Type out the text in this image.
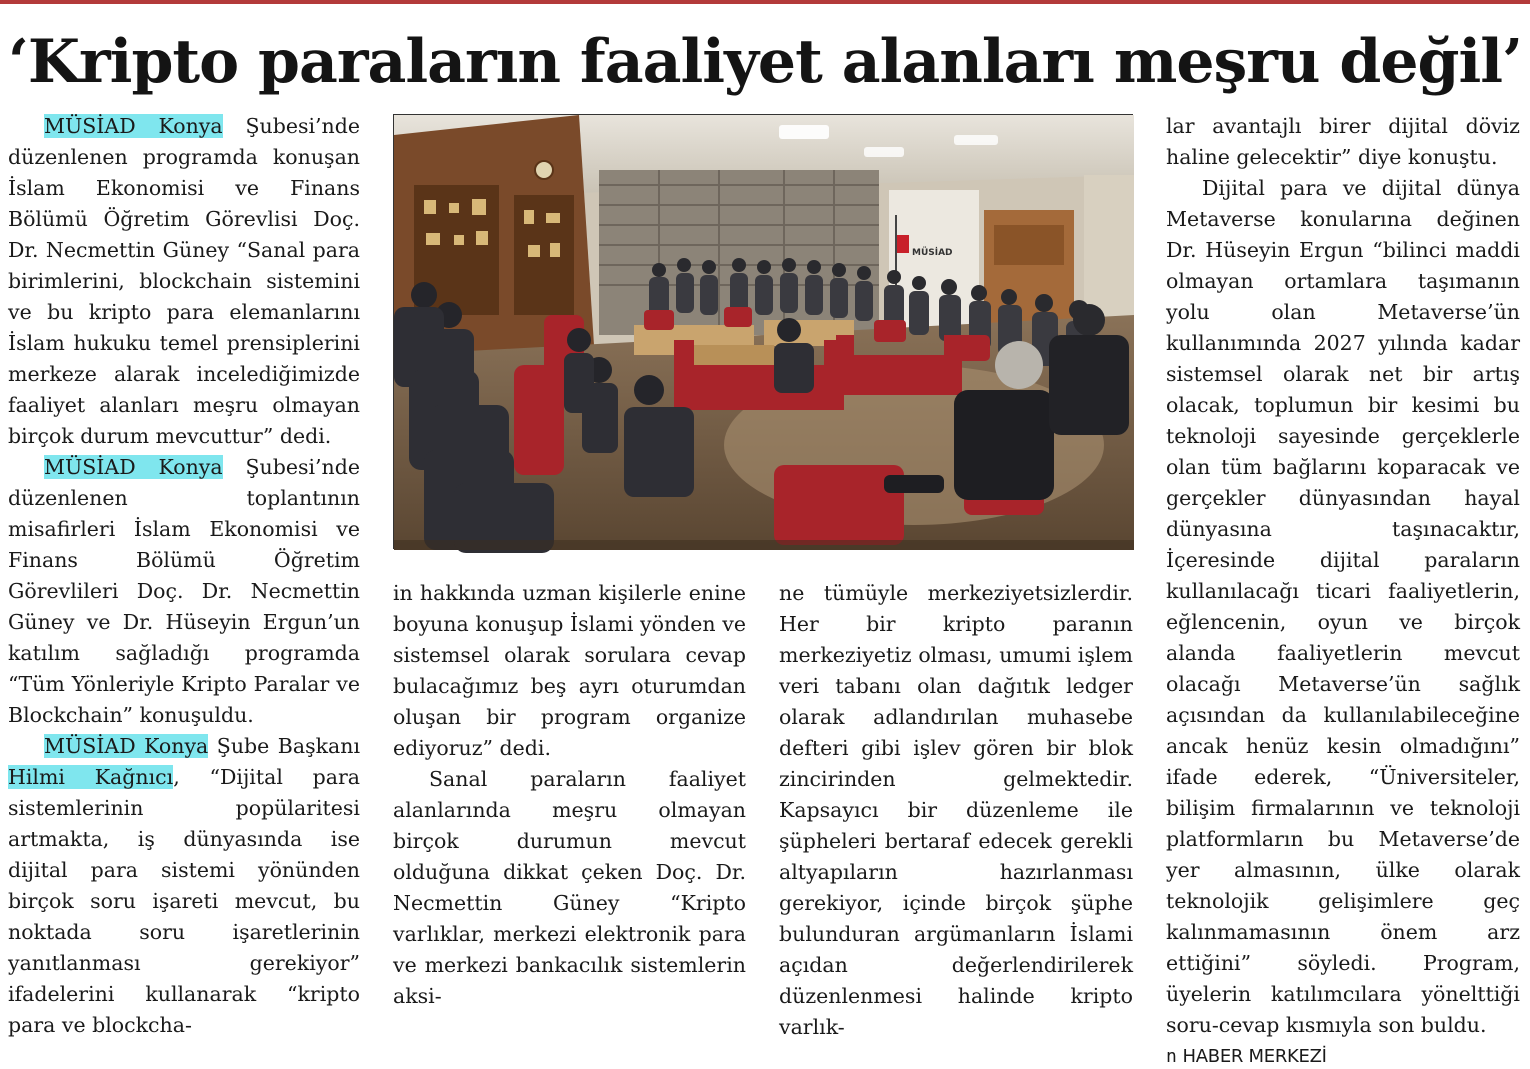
‘Kripto paraların faaliyet alanları meşru değil’

MÜSİAD Konya Şubesi’nde düzenlenen programda konuşan İslam Ekonomisi ve Finans Bölümü Öğretim Görevlisi Doç. Dr. Necmettin Güney “Sanal para birimlerini, blockchain sistemini ve bu kripto para elemanlarını İslam hukuku temel prensiplerini merkeze alarak incelediğimizde faaliyet alanları meşru olmayan birçok durum mevcuttur” dedi.

MÜSİAD Konya Şubesi’nde düzenlenen toplantının misafirleri İslam Ekonomisi ve Finans Bölümü Öğretim Görevlileri Doç. Dr. Necmettin Güney ve Dr. Hüseyin Ergun’un katılım sağladığı programda “Tüm Yönleriyle Kripto Paralar ve Blockchain” konuşuldu.

MÜSİAD Konya Şube Başkanı Hilmi Kağnıcı, “Dijital para sistemlerinin popülaritesi artmakta, iş dünyasında ise dijital para sistemi yönünden birçok soru işareti mevcut, bu noktada soru işaretlerinin yanıtlanması gerekiyor” ifadelerini kullanarak “kripto para ve blockcha-

MÜSİAD

in hakkında uzman kişilerle enine boyuna konuşup İslami yönden ve sistemsel olarak sorulara cevap bulacağımız beş ayrı oturumdan oluşan bir program organize ediyoruz” dedi.

Sanal paraların faaliyet alanlarında meşru olmayan birçok durumun mevcut olduğuna dikkat çeken Doç. Dr. Necmettin Güney “Kripto varlıklar, merkezi elektronik para ve merkezi bankacılık sistemlerin aksi-

ne tümüyle merkeziyetsizlerdir. Her bir kripto paranın merkeziyetiz olması, umumi işlem veri tabanı olan dağıtık ledger olarak adlandırılan muhasebe defteri gibi işlev gören bir blok zincirinden gelmektedir. Kapsayıcı bir düzenleme ile şüpheleri bertaraf edecek gerekli altyapıların hazırlanması gerekiyor, içinde birçok şüphe bulunduran argümanların İslami açıdan değerlendirilerek düzenlenmesi halinde kripto varlık-

lar avantajlı birer dijital döviz haline gelecektir” diye konuştu.

Dijital para ve dijital dünya Metaverse konularına değinen Dr. Hüseyin Ergun “bilinci maddi olmayan ortamlara taşımanın yolu olan Metaverse’ün kullanımında 2027 yılında kadar sistemsel olarak net bir artış olacak, toplumun bir kesimi bu teknoloji sayesinde gerçeklerle olan tüm bağlarını koparacak ve gerçekler dünyasından hayal dünyasına taşınacaktır, İçeresinde dijital paraların kullanılacağı ticari faaliyetlerin, eğlencenin, oyun ve birçok alanda faaliyetlerin mevcut olacağı Metaverse’ün sağlık açısından da kullanılabileceğine ancak henüz kesin olmadığını” ifade ederek, “Üniversiteler, bilişim firmalarının ve teknoloji platformların bu Metaverse’de yer almasının, ülke olarak teknolojik gelişimlere geç kalınmamasının önem arz ettiğini” söyledi. Program, üyelerin katılımcılara yönelttiği soru-cevap kısmıyla son buldu.

n HABER MERKEZİ
